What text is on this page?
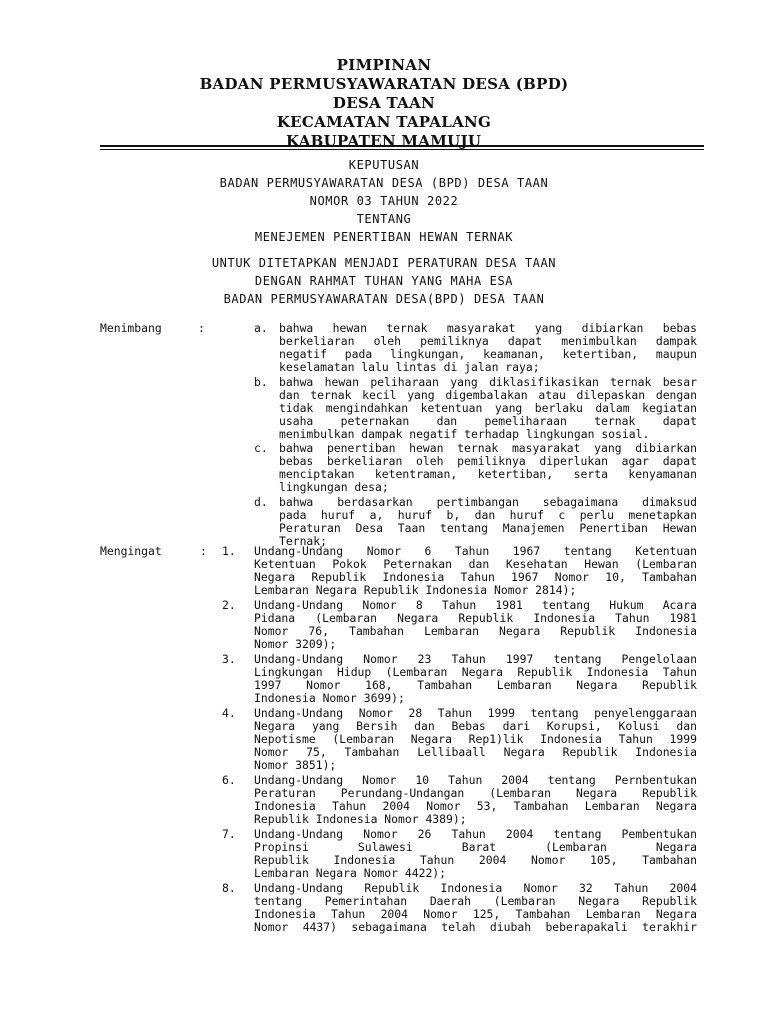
PIMPINAN
BADAN PERMUSYAWARATAN DESA (BPD)
DESA TAAN
KECAMATAN TAPALANG
KABUPATEN MAMUJU
KEPUTUSAN
BADAN PERMUSYAWARATAN DESA (BPD) DESA TAAN
NOMOR 03 TAHUN 2022
TENTANG
MENEJEMEN PENERTIBAN HEWAN TERNAK
UNTUK DITETAPKAN MENJADI PERATURAN DESA TAAN
DENGAN RAHMAT TUHAN YANG MAHA ESA
BADAN PERMUSYAWARATAN DESA(BPD) DESA TAAN
Menimbang	:	a. bahwa hewan ternak masyarakat yang dibiarkan bebas
berkeliaran oleh pemiliknya dapat menimbulkan dampak
negatif pada lingkungan, keamanan, ketertiban, maupun
keselamatan lalu lintas di jalan raya;
b. bahwa hewan peliharaan yang diklasifikasikan ternak besar
dan ternak kecil yang digembalakan atau dilepaskan dengan
tidak mengindahkan ketentuan yang berlaku dalam kegiatan
usaha peternakan dan pemeliharaan ternak dapat
menimbulkan dampak negatif terhadap lingkungan sosial.
c. bahwa penertiban hewan ternak masyarakat yang dibiarkan
bebas berkeliaran oleh pemiliknya diperlukan agar dapat
menciptakan ketentraman, ketertiban, serta kenyamanan
lingkungan desa;
d. bahwa berdasarkan pertimbangan sebagaimana dimaksud
pada huruf a, huruf b, dan huruf c perlu menetapkan
Peraturan Desa Taan tentang Manajemen Penertiban Hewan
Ternak;
Mengingat	: 1. Undang-Undang Nomor 6 Tahun 1967 tentang Ketentuan
Ketentuan Pokok Peternakan dan Kesehatan Hewan (Lembaran
Negara Republik Indonesia Tahun 1967 Nomor 10, Tambahan
Lembaran Negara Republik Indonesia Nomor 2814);
2. Undang-Undang Nomor 8 Tahun 1981 tentang Hukum Acara
Pidana (Lembaran Negara Republik Indonesia Tahun 1981
Nomor 76, Tambahan Lembaran Negara Republik Indonesia
Nomor 3209);
3. Undang-Undang Nomor 23 Tahun 1997 tentang Pengelolaan
Lingkungan Hidup (Lembaran Negara Republik Indonesia Tahun
1997 Nomor 168, Tambahan Lembaran Negara Republik
Indonesia Nomor 3699);
4. Undang-Undang Nomor 28 Tahun 1999 tentang penyelenggaraan
Negara yang Bersih dan Bebas dari Korupsi, Kolusi dan
Nepotisme (Lembaran Negara Rep1)lik Indonesia Tahun 1999
Nomor 75, Tambahan Lellibaall Negara Republik Indonesia
Nomor 3851);
6. Undang-Undang Nomor 10 Tahun 2004 tentang Pernbentukan
Peraturan Perundang-Undangan (Lembaran Negara Republik
Indonesia Tahun 2004 Nomor 53, Tambahan Lembaran Negara
Republik Indonesia Nomor 4389);
7. Undang-Undang Nomor 26 Tahun 2004 tentang Pembentukan
Propinsi Sulawesi Barat (Lembaran Negara
Republik Indonesia Tahun 2004 Nomor 105, Tambahan
Lembaran Negara Nomor 4422);
8. Undang-Undang Republik Indonesia Nomor 32 Tahun 2004
tentang Pemerintahan Daerah (Lembaran Negara Republik
Indonesia Tahun 2004 Nomor 125, Tambahan Lembaran Negara
Nomor 4437) sebagaimana telah diubah beberapakali terakhir
